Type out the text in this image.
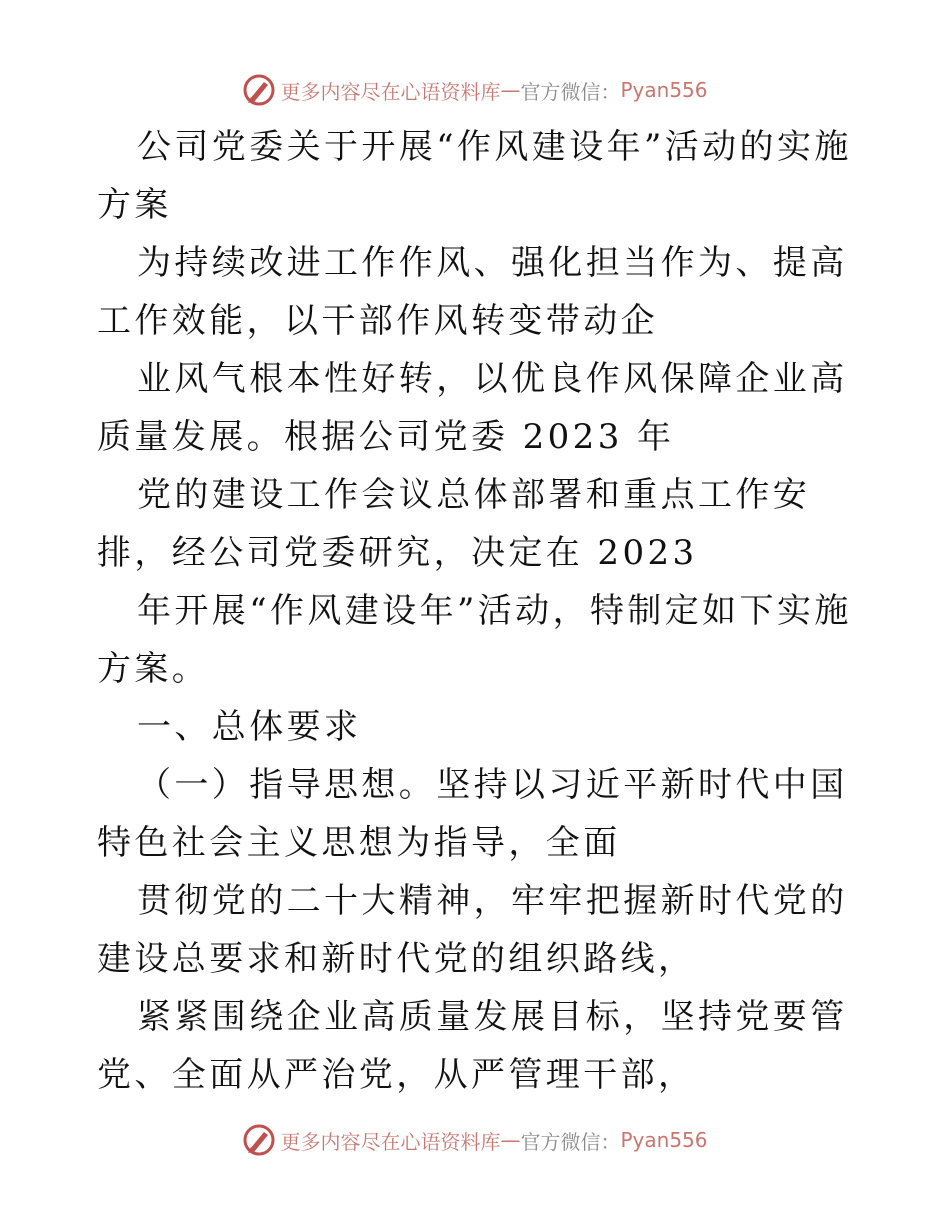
更多内容尽在心语资料库 — 官方微信： Pyan556

公司党委关于开展“作风建设年”活动的实施方案

为持续改进工作作风、强化担当作为、提高工作效能，以干部作风转变带动企

业风气根本性好转，以优良作风保障企业高质量发展。根据公司党委 2023 年

党的建设工作会议总体部署和重点工作安排，经公司党委研究，决定在 2023

年开展“作风建设年”活动，特制定如下实施方案。

一、总体要求

（一）指导思想。坚持以习近平新时代中国特色社会主义思想为指导，全面

贯彻党的二十大精神，牢牢把握新时代党的建设总要求和新时代党的组织路线，

紧紧围绕企业高质量发展目标，坚持党要管党、全面从严治党，从严管理干部，

更多内容尽在心语资料库 — 官方微信： Pyan556
